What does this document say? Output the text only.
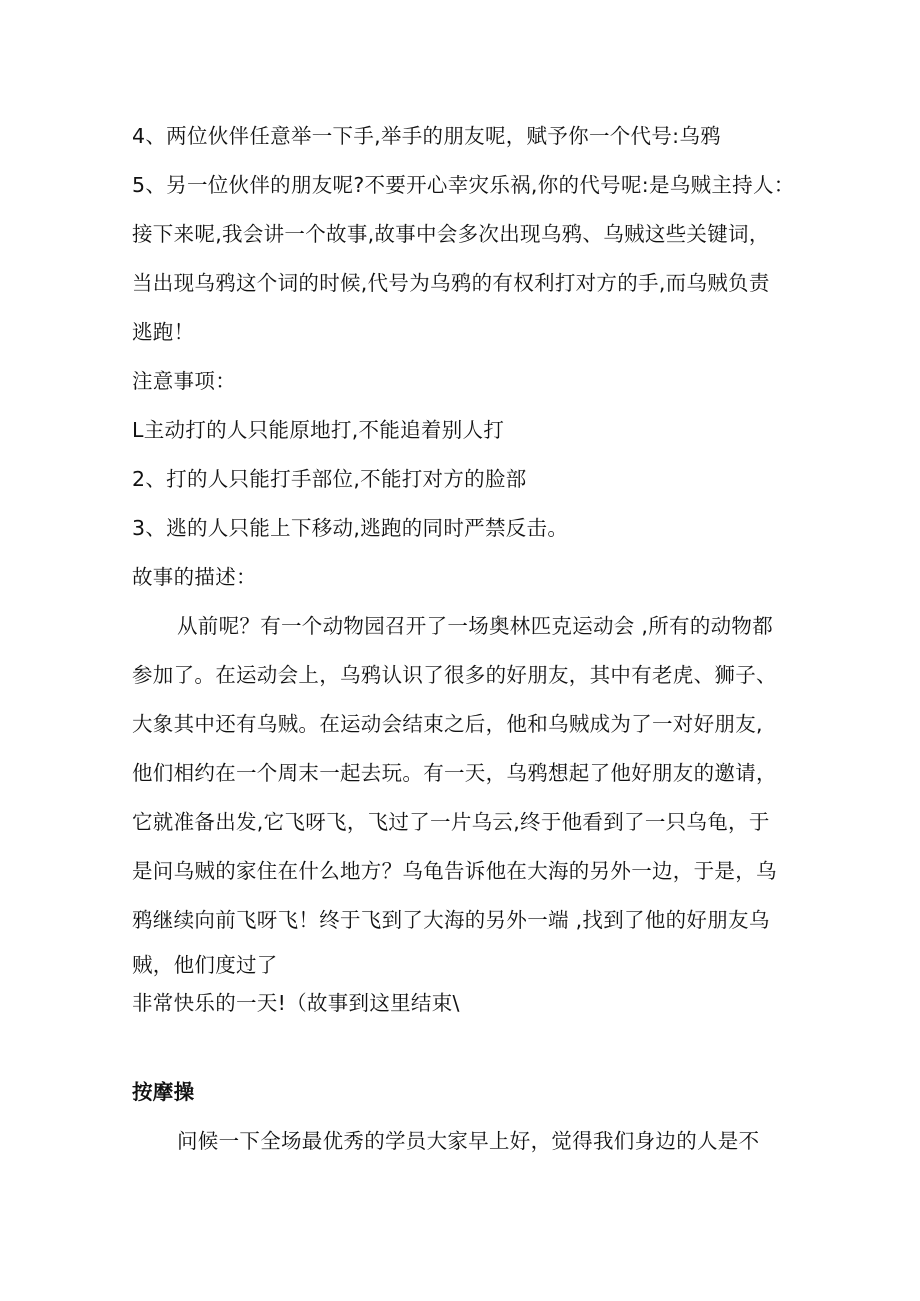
4、两位伙伴任意举一下手,举手的朋友呢，赋予你一个代号:乌鸦
5、另一位伙伴的朋友呢?不要开心幸灾乐祸,你的代号呢:是乌贼主持人：
接下来呢,我会讲一个故事,故事中会多次出现乌鸦、乌贼这些关键词，
当出现乌鸦这个词的时候,代号为乌鸦的有权利打对方的手,而乌贼负责
逃跑！
注意事项：
L主动打的人只能原地打,不能追着别人打
2、打的人只能打手部位,不能打对方的脸部
3、逃的人只能上下移动,逃跑的同时严禁反击。
故事的描述：
从前呢？有一个动物园召开了一场奥林匹克运动会 ,所有的动物都
参加了。在运动会上，乌鸦认识了很多的好朋友，其中有老虎、狮子、
大象其中还有乌贼。在运动会结束之后，他和乌贼成为了一对好朋友,
他们相约在一个周末一起去玩。有一天，乌鸦想起了他好朋友的邀请，
它就准备出发,它飞呀飞，飞过了一片乌云,终于他看到了一只乌龟，于
是问乌贼的家住在什么地方？乌龟告诉他在大海的另外一边，于是，乌
鸦继续向前飞呀飞！终于飞到了大海的另外一端 ,找到了他的好朋友乌
贼，他们度过了
非常快乐的一天!（故事到这里结束\
按摩操
问候一下全场最优秀的学员大家早上好，觉得我们身边的人是不
